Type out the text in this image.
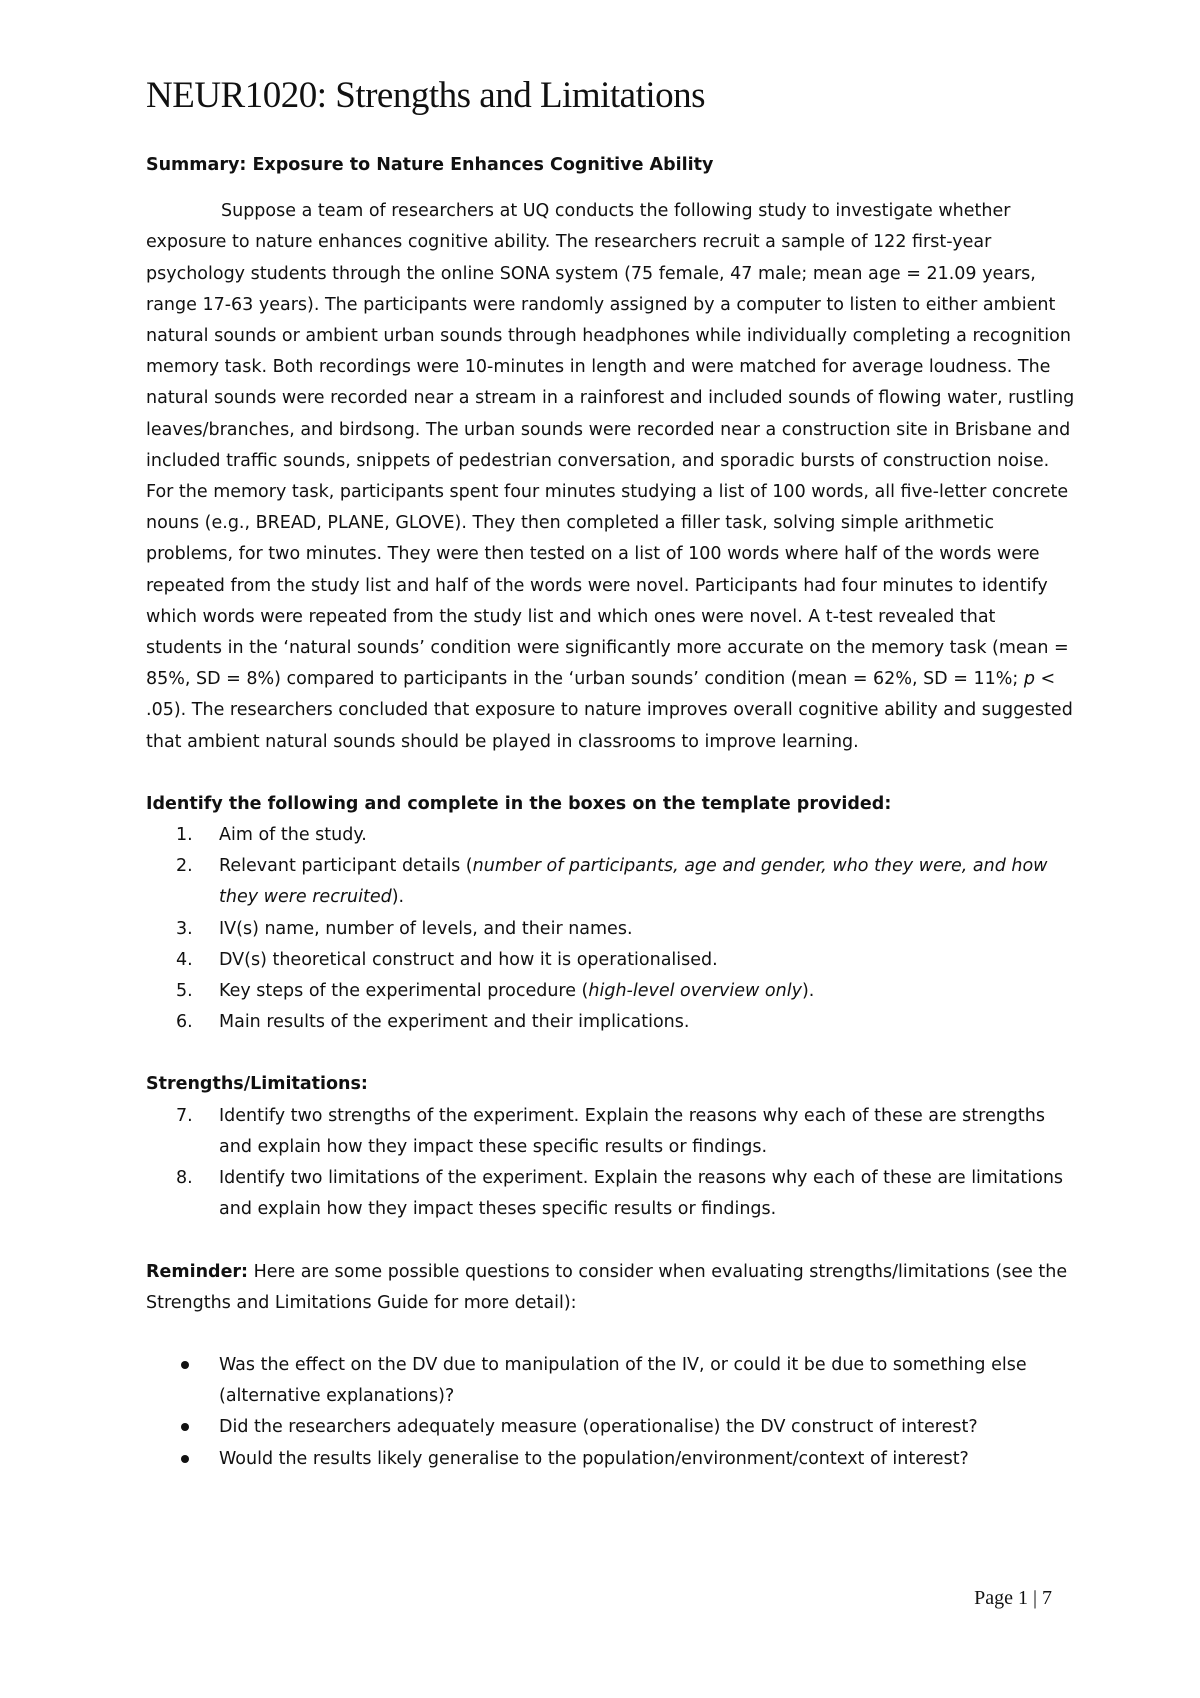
NEUR1020: Strengths and Limitations

Summary: Exposure to Nature Enhances Cognitive Ability

Suppose a team of researchers at UQ conducts the following study to investigate whether exposure to nature enhances cognitive ability. The researchers recruit a sample of 122 first-year psychology students through the online SONA system (75 female, 47 male; mean age = 21.09 years, range 17-63 years). The participants were randomly assigned by a computer to listen to either ambient natural sounds or ambient urban sounds through headphones while individually completing a recognition memory task. Both recordings were 10-minutes in length and were matched for average loudness. The natural sounds were recorded near a stream in a rainforest and included sounds of flowing water, rustling leaves/branches, and birdsong. The urban sounds were recorded near a construction site in Brisbane and included traffic sounds, snippets of pedestrian conversation, and sporadic bursts of construction noise. For the memory task, participants spent four minutes studying a list of 100 words, all five-letter concrete nouns (e.g., BREAD, PLANE, GLOVE). They then completed a filler task, solving simple arithmetic problems, for two minutes. They were then tested on a list of 100 words where half of the words were repeated from the study list and half of the words were novel. Participants had four minutes to identify which words were repeated from the study list and which ones were novel. A t-test revealed that students in the ‘natural sounds’ condition were significantly more accurate on the memory task (mean = 85%, SD = 8%) compared to participants in the ‘urban sounds’ condition (mean = 62%, SD = 11%; p < .05). The researchers concluded that exposure to nature improves overall cognitive ability and suggested that ambient natural sounds should be played in classrooms to improve learning.

Identify the following and complete in the boxes on the template provided:

1. Aim of the study.
2. Relevant participant details (number of participants, age and gender, who they were, and how they were recruited).
3. IV(s) name, number of levels, and their names.
4. DV(s) theoretical construct and how it is operationalised.
5. Key steps of the experimental procedure (high-level overview only).
6. Main results of the experiment and their implications.

Strengths/Limitations:

7. Identify two strengths of the experiment. Explain the reasons why each of these are strengths and explain how they impact these specific results or findings.
8. Identify two limitations of the experiment. Explain the reasons why each of these are limitations and explain how they impact theses specific results or findings.

Reminder: Here are some possible questions to consider when evaluating strengths/limitations (see the Strengths and Limitations Guide for more detail):

Was the effect on the DV due to manipulation of the IV, or could it be due to something else (alternative explanations)?
Did the researchers adequately measure (operationalise) the DV construct of interest?
Would the results likely generalise to the population/environment/context of interest?
Page 1 | 7
